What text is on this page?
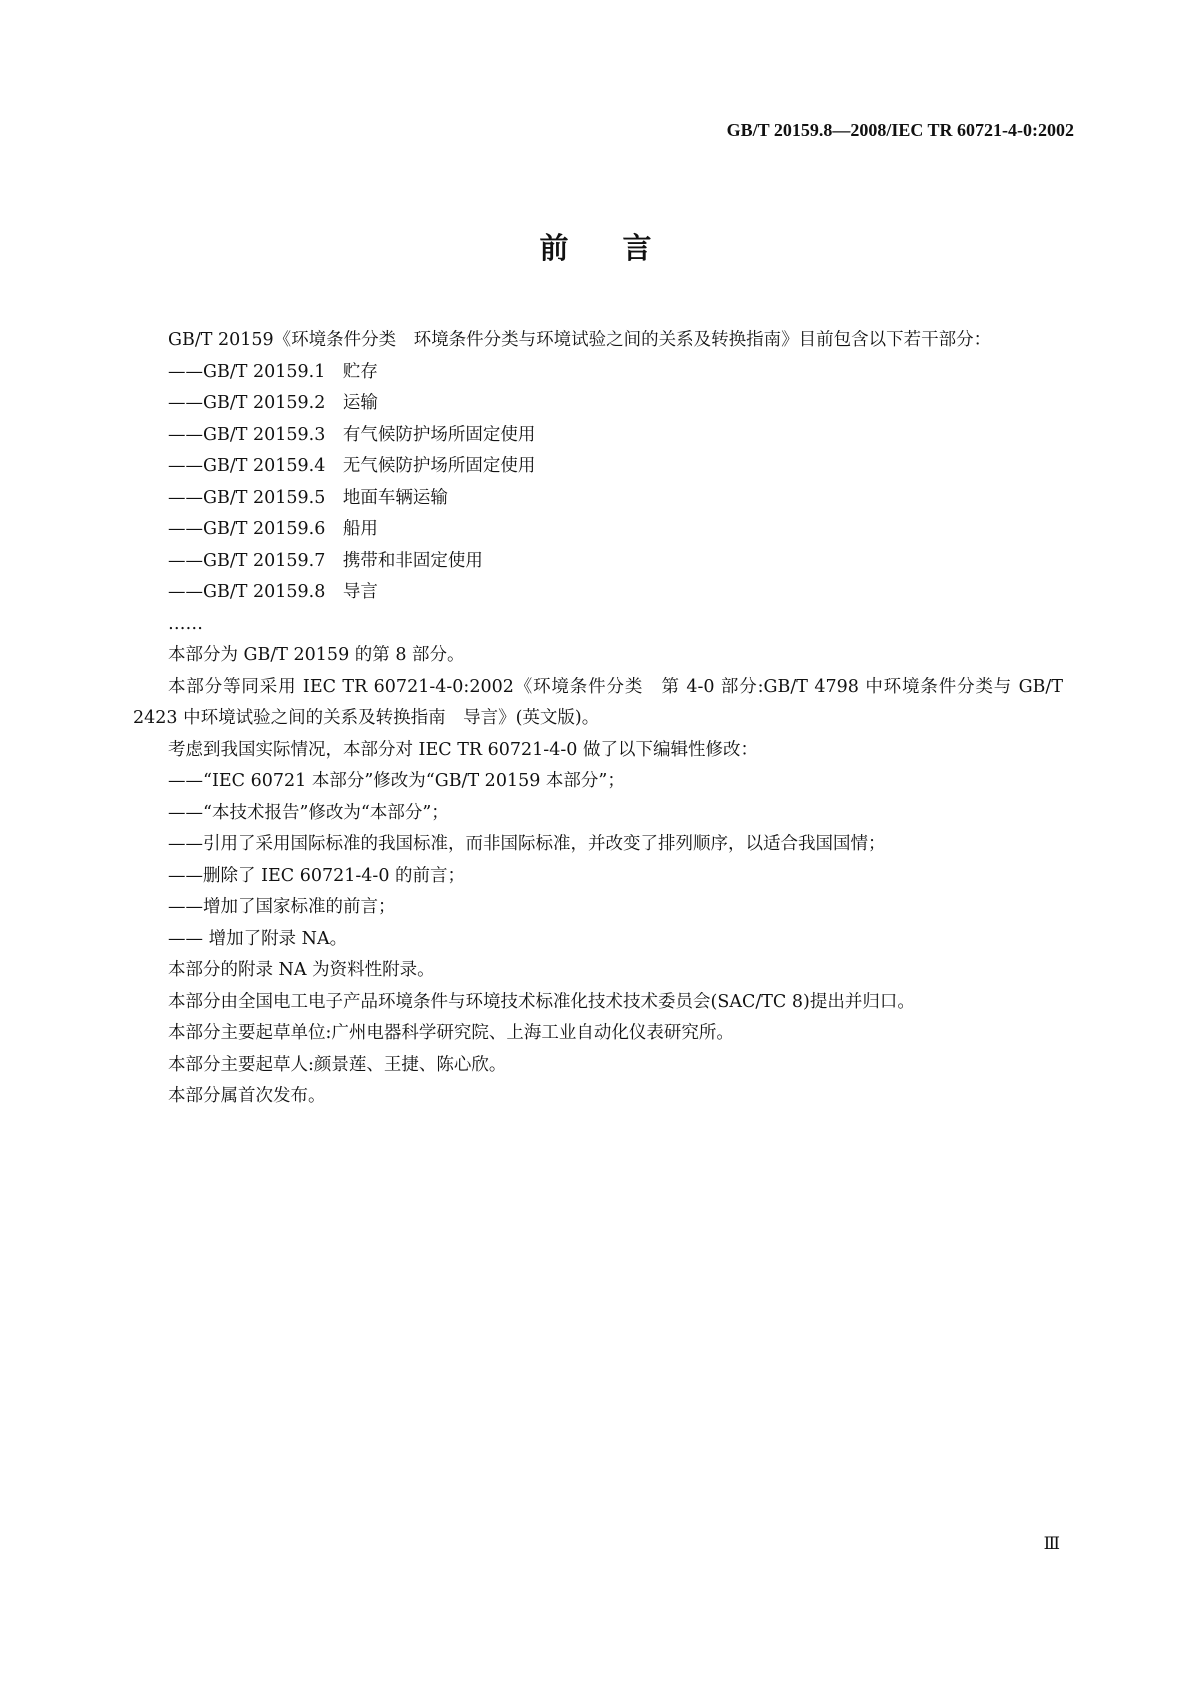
GB/T 20159.8—2008/IEC TR 60721-4-0:2002
前言

GB/T 20159《环境条件分类　环境条件分类与环境试验之间的关系及转换指南》目前包含以下若干部分：

——GB/T 20159.1　贮存

——GB/T 20159.2　运输

——GB/T 20159.3　有气候防护场所固定使用

——GB/T 20159.4　无气候防护场所固定使用

——GB/T 20159.5　地面车辆运输

——GB/T 20159.6　船用

——GB/T 20159.7　携带和非固定使用

——GB/T 20159.8　导言

……

本部分为 GB/T 20159 的第 8 部分。

本部分等同采用 IEC TR 60721-4-0:2002《环境条件分类　第 4-0 部分:GB/T 4798 中环境条件分类与 GB/T 2423 中环境试验之间的关系及转换指南　导言》(英文版)。

考虑到我国实际情况，本部分对 IEC TR 60721-4-0 做了以下编辑性修改：

——“IEC 60721 本部分”修改为“GB/T 20159 本部分”；

——“本技术报告”修改为“本部分”；

——引用了采用国际标准的我国标准，而非国际标准，并改变了排列顺序，以适合我国国情；

——删除了 IEC 60721-4-0 的前言；

——增加了国家标准的前言；

—— 增加了附录 NA。

本部分的附录 NA 为资料性附录。

本部分由全国电工电子产品环境条件与环境技术标准化技术技术委员会(SAC/TC 8)提出并归口。

本部分主要起草单位:广州电器科学研究院、上海工业自动化仪表研究所。

本部分主要起草人:颜景莲、王捷、陈心欣。

本部分属首次发布。

Ⅲ
